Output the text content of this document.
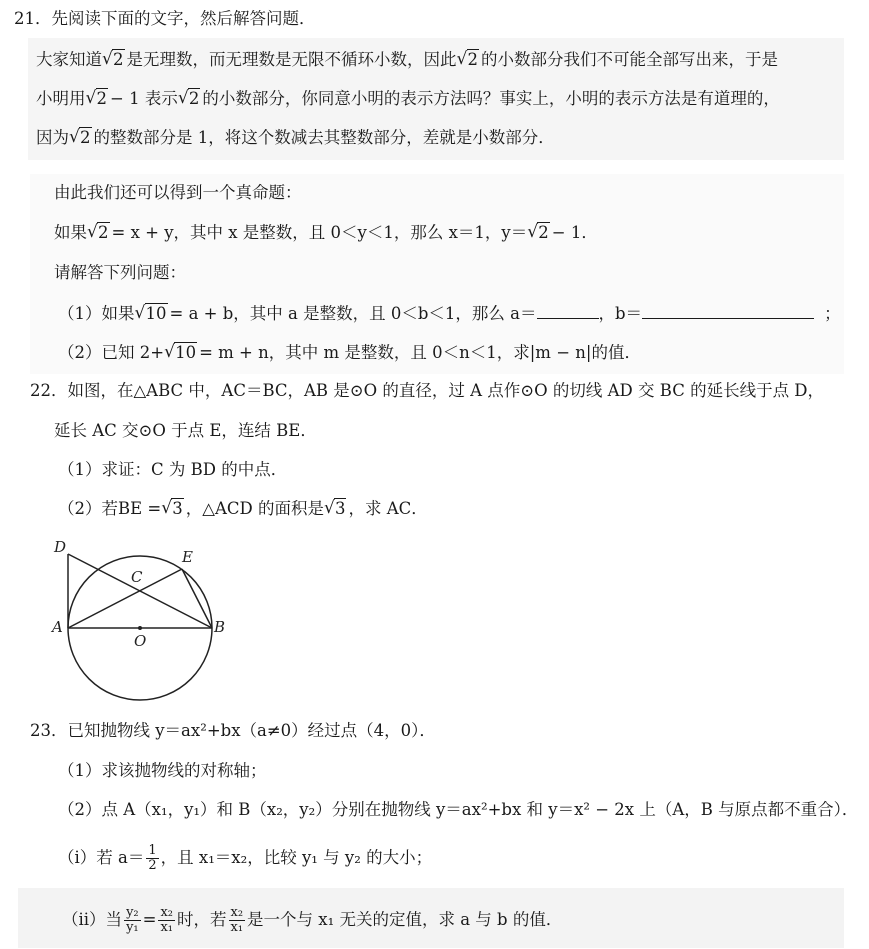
21．先阅读下面的文字，然后解答问题．
大家知道 √ 2 是无理数，而无理数是无限不循环小数，因此 √ 2 的小数部分我们不可能全部写出来，于是
小明用 √ 2 − 1 表示 √ 2 的小数部分，你同意小明的表示方法吗？事实上，小明的表示方法是有道理的，
因为 √ 2 的整数部分是 1，将这个数减去其整数部分，差就是小数部分．
由此我们还可以得到一个真命题：
如果 √ 2 = x + y，其中 x 是整数，且 0＜y＜1，那么 x＝1，y＝ √ 2 − 1．
请解答下列问题：
（1）如果 √ 10 = a + b，其中 a 是整数，且 0＜b＜1，那么 a＝	，b＝	；
（2）已知 2+ √ 10 = m + n，其中 m 是整数，且 0＜n＜1，求|m − n|的值．
22．如图，在△ABC 中，AC＝BC，AB 是⊙O 的直径，过 A 点作⊙O 的切线 AD 交 BC 的延长线于点 D，
延长 AC 交⊙O 于点 E，连结 BE．
（1）求证：C 为 BD 的中点．
（2）若BE = √ 3 ，△ACD 的面积是 √ 3 ，求 AC．
D
E
C
A
O
B
23．已知抛物线 y＝ax²+bx（a≠0）经过点（4，0）．
（1）求该抛物线的对称轴；
（2）点 A（x₁，y₁）和 B（x₂，y₂）分别在抛物线 y＝ax²+bx 和 y＝x² − 2x 上（A，B 与原点都不重合）．
（i）若 $a= \frac{1}{2}$ ，且 x₁＝x₂，比较 y₁ 与 y₂ 的大小；
（ii）当 $\frac{\text{y₂}}{\text{y₁}} = \frac{\text{x₂}}{\text{x₁}}$ 时，若 $\frac{\text{x₂}}{\text{x₁}}$ 是一个与 x₁ 无关的定值，求 a 与 b 的值．
